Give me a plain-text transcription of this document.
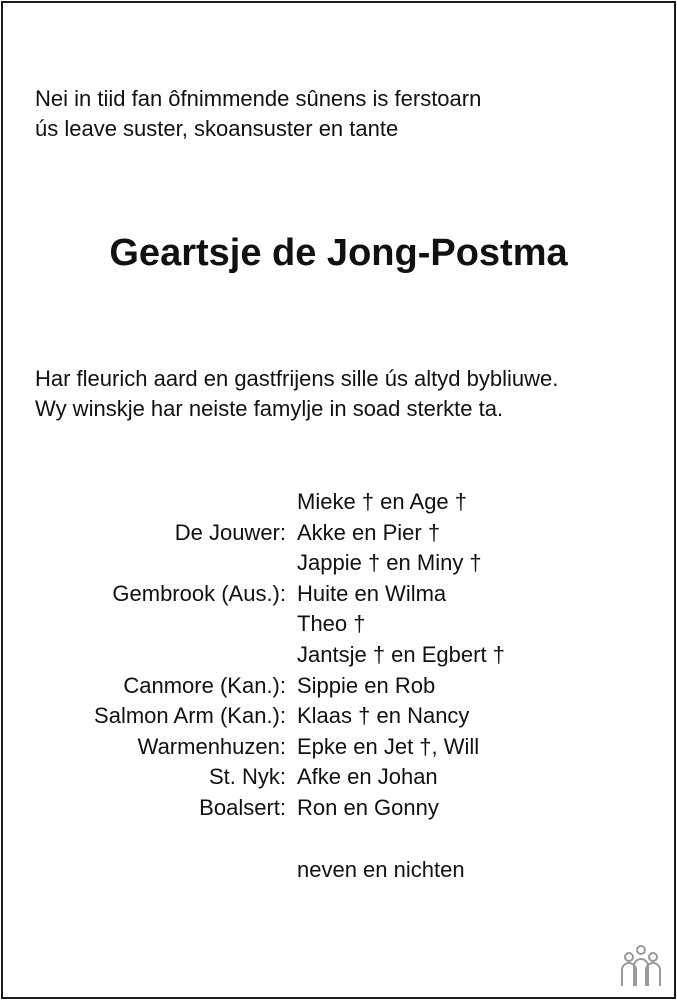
Nei in tiid fan ôfnimmende sûnens is ferstoarn
ús leave suster, skoansuster en tante
Geartsje de Jong-Postma
Har fleurich aard en gastfrijens sille ús altyd bybliuwe.
Wy winskje har neiste famylje in soad sterkte ta.
Mieke † en Age †
De Jouwer: Akke en Pier †
Jappie † en Miny †
Gembrook (Aus.): Huite en Wilma
Theo †
Jantsje † en Egbert †
Canmore (Kan.): Sippie en Rob
Salmon Arm (Kan.): Klaas † en Nancy
Warmenhuzen: Epke en Jet †, Will
St. Nyk: Afke en Johan
Boalsert: Ron en Gonny
neven en nichten
